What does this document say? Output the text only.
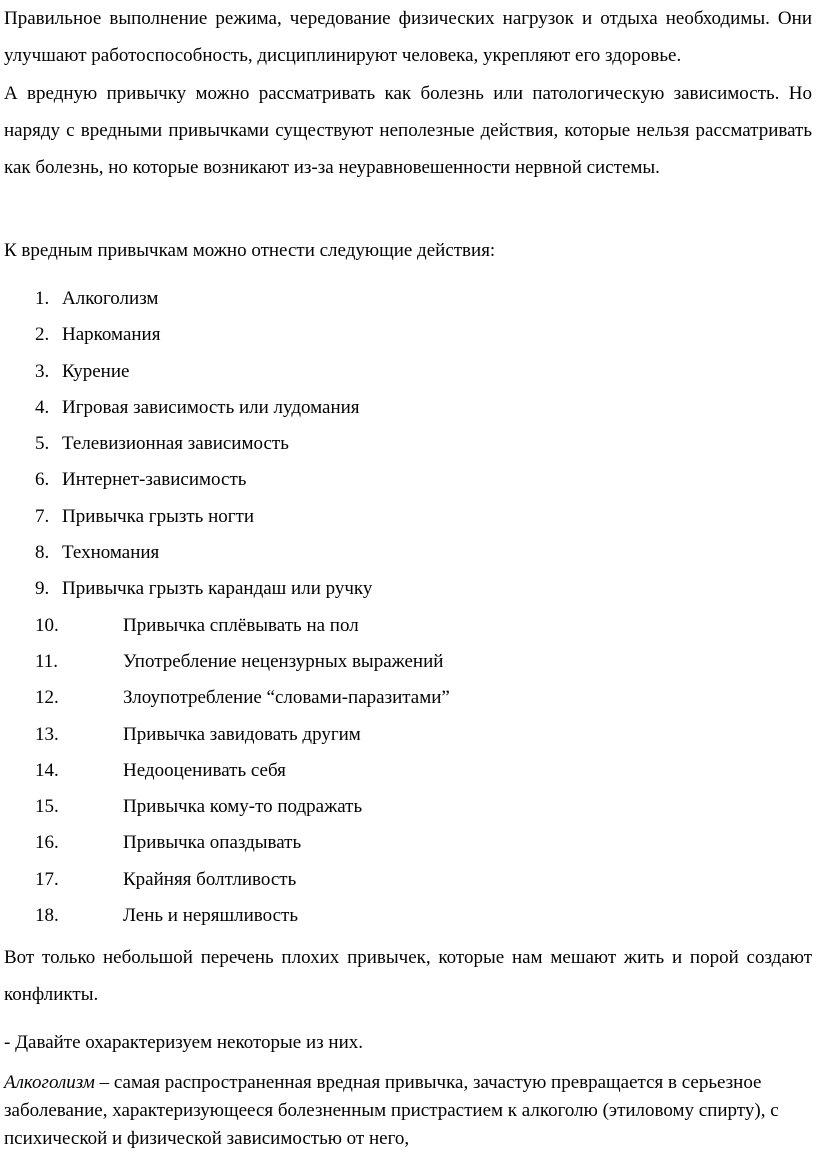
Правильное выполнение режима, чередование физических нагрузок и отдыха необходимы. Они улучшают работоспособность, дисциплинируют человека, укрепляют его здоровье.

А вредную привычку можно рассматривать как болезнь или патологическую зависимость. Но наряду с вредными привычками существуют неполезные действия, которые нельзя рассматривать как болезнь, но которые возникают из-за неуравновешенности нервной системы.

К вредным привычкам можно отнести следующие действия:

1. Алкоголизм
2. Наркомания
3. Курение
4. Игровая зависимость или лудомания
5. Телевизионная зависимость
6. Интернет-зависимость
7. Привычка грызть ногти
8. Техномания
9. Привычка грызть карандаш или ручку
10.	Привычка сплёвывать на пол
11.	Употребление нецензурных выражений
12.	Злоупотребление “словами-паразитами”
13.	Привычка завидовать другим
14.	Недооценивать себя
15.	Привычка кому-то подражать
16.	Привычка опаздывать
17.	Крайняя болтливость
18.	Лень и неряшливость

Вот только небольшой перечень плохих привычек, которые нам мешают жить и порой создают конфликты.

- Давайте охарактеризуем некоторые из них.

Алкоголизм – самая распространенная вредная привычка, зачастую превращается в серьезное заболевание, характеризующееся болезненным пристрастием к алкоголю (этиловому спирту), с психической и физической зависимостью от него,
